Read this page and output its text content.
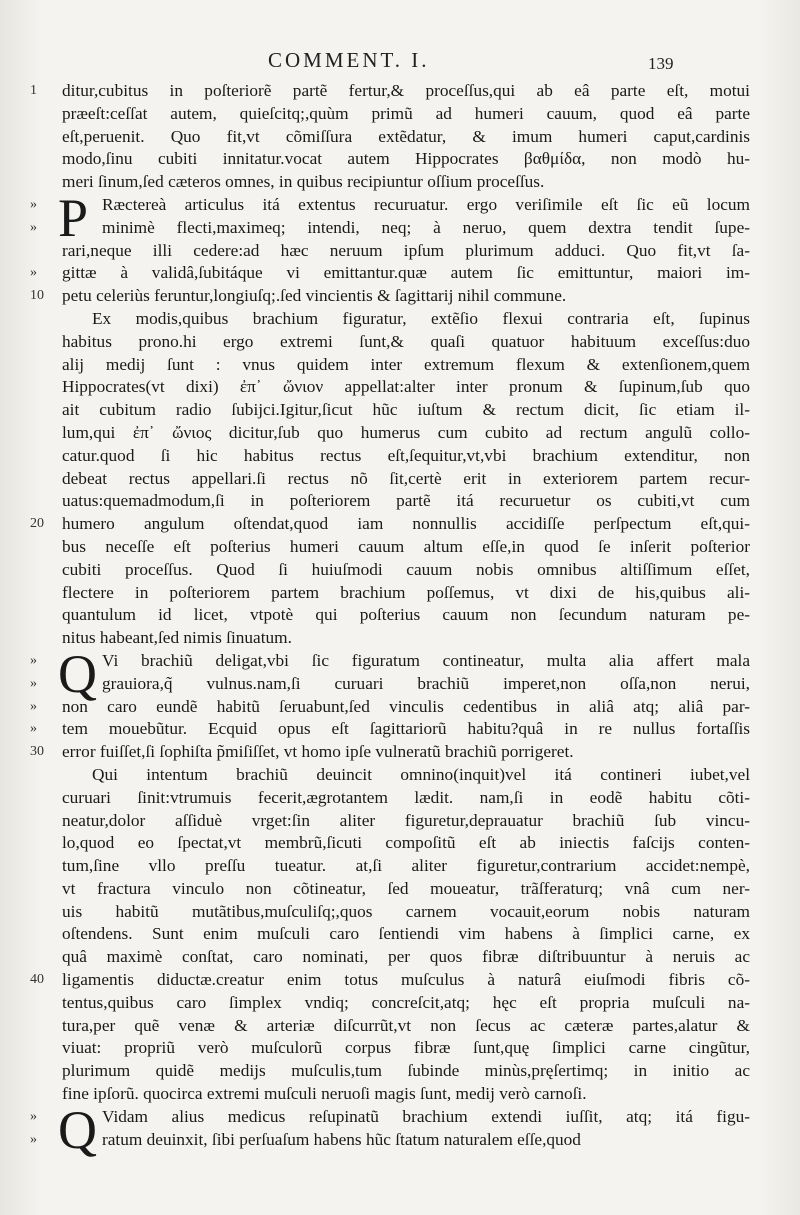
COMMENT. I.	139
1	ditur,cubitus in poſteriorẽ partẽ fertur,& proceſſus,qui ab eâ parte eſt, motui
præeſt:ceſſat autem, quieſcitq;,quùm primũ ad humeri cauum, quod eâ parte
eſt,peruenit. Quo fit,vt cõmiſſura extẽdatur, & imum humeri caput,cardinis
modo,ſinu cubiti innitatur.vocat autem Hippocrates βαθμίδα, non modò hu-
meri ſinum,ſed cæteros omnes, in quibus recipiuntur oſſium proceſſus.
P
»	Ræctereà articulus itá extentus recuruatur. ergo veriſimile eſt ſic eũ locum
»	minimè flecti,maximeq; intendi, neq; à neruo, quem dextra tendit ſupe-
rari,neque illi cedere:ad hæc neruum ipſum plurimum adduci. Quo fit,vt ſa-
»	gittæ à validâ,ſubitáque vi emittantur.quæ autem ſic emittuntur, maiori im-
10	petu celeriùs feruntur,longiuſq;.ſed vincientis & ſagittarij nihil commune.
Ex modis,quibus brachium figuratur, extẽſio flexui contraria eſt, ſupinus
habitus prono.hi ergo extremi ſunt,& quaſi quatuor habituum exceſſus:duo
alij medij ſunt : vnus quidem inter extremum flexum & extenſionem,quem
Hippocrates(vt dixi) ἐπ᾽ ὤνιον appellat:alter inter pronum & ſupinum,ſub quo
ait cubitum radio ſubijci.Igitur,ſicut hũc iuſtum & rectum dicit, ſic etiam il-
lum,qui ἐπ᾽ ὤνιος dicitur,ſub quo humerus cum cubito ad rectum angulũ collo-
catur.quod ſi hic habitus rectus eſt,ſequitur,vt,vbi brachium extenditur, non
debeat rectus appellari.ſi rectus nõ ſit,certè erit in exteriorem partem recur-
uatus:quemadmodum,ſi in poſteriorem partẽ itá recuruetur os cubiti,vt cum
20	humero angulum oſtendat,quod iam nonnullis accidiſſe perſpectum eſt,qui-
bus neceſſe eſt poſterius humeri cauum altum eſſe,in quod ſe inſerit poſterior
cubiti proceſſus. Quod ſi huiuſmodi cauum nobis omnibus altiſſimum eſſet,
flectere in poſteriorem partem brachium poſſemus, vt dixi de his,quibus ali-
quantulum id licet, vtpotè qui poſterius cauum non ſecundum naturam pe-
nitus habeant,ſed nimis ſinuatum.
Q
»	Vi brachiũ deligat,vbi ſic figuratum contineatur, multa alia affert mala
»	grauiora,q̃ vulnus.nam,ſi curuari brachiũ imperet,non oſſa,non nerui,
»	non caro eundẽ habitũ ſeruabunt,ſed vinculis cedentibus in aliâ atq; aliâ par-
»	tem mouebũtur. Ecquid opus eſt ſagittariorũ habitu?quâ in re nullus fortaſſis
30	error fuiſſet,ſi ſophiſta p̃miſiſſet, vt homo ipſe vulneratũ brachiũ porrigeret.
Qui intentum brachiũ deuincit omnino(inquit)vel itá contineri iubet,vel
curuari ſinit:vtrumuis fecerit,ægrotantem lædit. nam,ſi in eodẽ habitu cõti-
neatur,dolor aſſiduè vrget:ſin aliter figuretur,deprauatur brachiũ ſub vincu-
lo,quod eo ſpectat,vt membrũ,ſicuti compoſitũ eſt ab iniectis faſcijs conten-
tum,ſine vllo preſſu tueatur. at,ſi aliter figuretur,contrarium accidet:nempè,
vt fractura vinculo non cõtineatur, ſed moueatur, trãſferaturq; vnâ cum ner-
uis habitũ mutãtibus,muſculiſq;,quos carnem vocauit,eorum nobis naturam
oſtendens. Sunt enim muſculi caro ſentiendi vim habens à ſimplici carne, ex
quâ maximè conſtat, caro nominati, per quos fibræ diſtribuuntur à neruis ac
40	ligamentis diductæ.creatur enim totus muſculus à naturâ eiuſmodi fibris cõ-
tentus,quibus caro ſimplex vndiq; concreſcit,atq; hęc eſt propria muſculi na-
tura,per quẽ venæ & arteriæ diſcurrũt,vt non ſecus ac cæteræ partes,alatur &
viuat: propriũ verò muſculorũ corpus fibræ ſunt,quę ſimplici carne cingũtur,
plurimum quidẽ medijs muſculis,tum ſubinde minùs,pręſertimq; in initio ac
fine ipſorũ. quocirca extremi muſculi neruoſi magis ſunt, medij verò carnoſi.
Q
»	Vidam alius medicus reſupinatũ brachium extendi iuſſit, atq; itá figu-
»	ratum deuinxit, ſibi perſuaſum habens hũc ſtatum naturalem eſſe,quod
